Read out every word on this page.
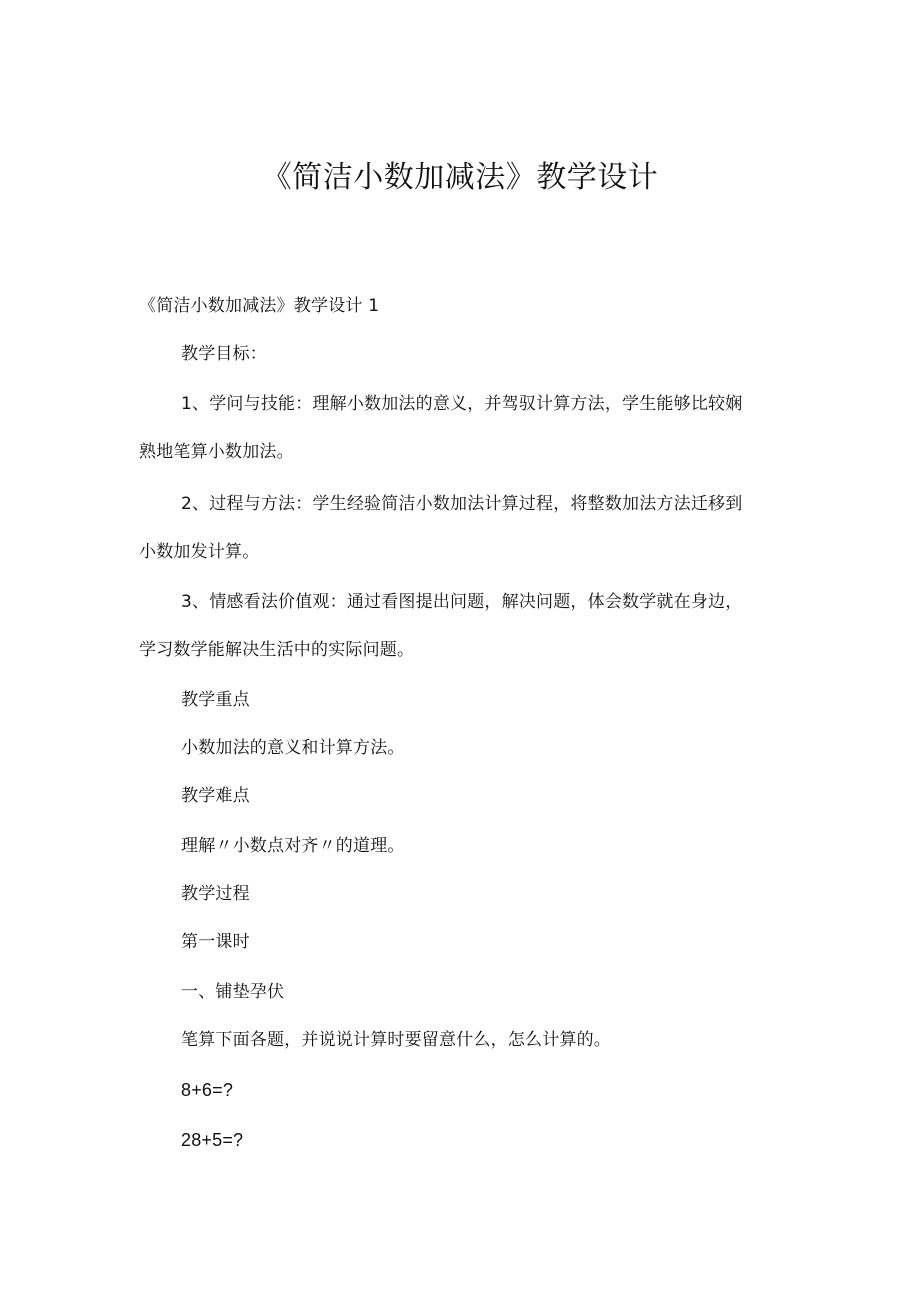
《简洁小数加减法》教学设计
《简洁小数加减法》教学设计 1
教学目标：
1、学问与技能：理解小数加法的意义，并驾驭计算方法，学生能够比较娴
熟地笔算小数加法。
2、过程与方法：学生经验简洁小数加法计算过程，将整数加法方法迁移到
小数加发计算。
3、情感看法价值观：通过看图提出问题，解决问题，体会数学就在身边，
学习数学能解决生活中的实际问题。
教学重点
小数加法的意义和计算方法。
教学难点
理解〃小数点对齐〃的道理。
教学过程
第一课时
一、铺垫孕伏
笔算下面各题，并说说计算时要留意什么，怎么计算的。
8+6=?
28+5=?
